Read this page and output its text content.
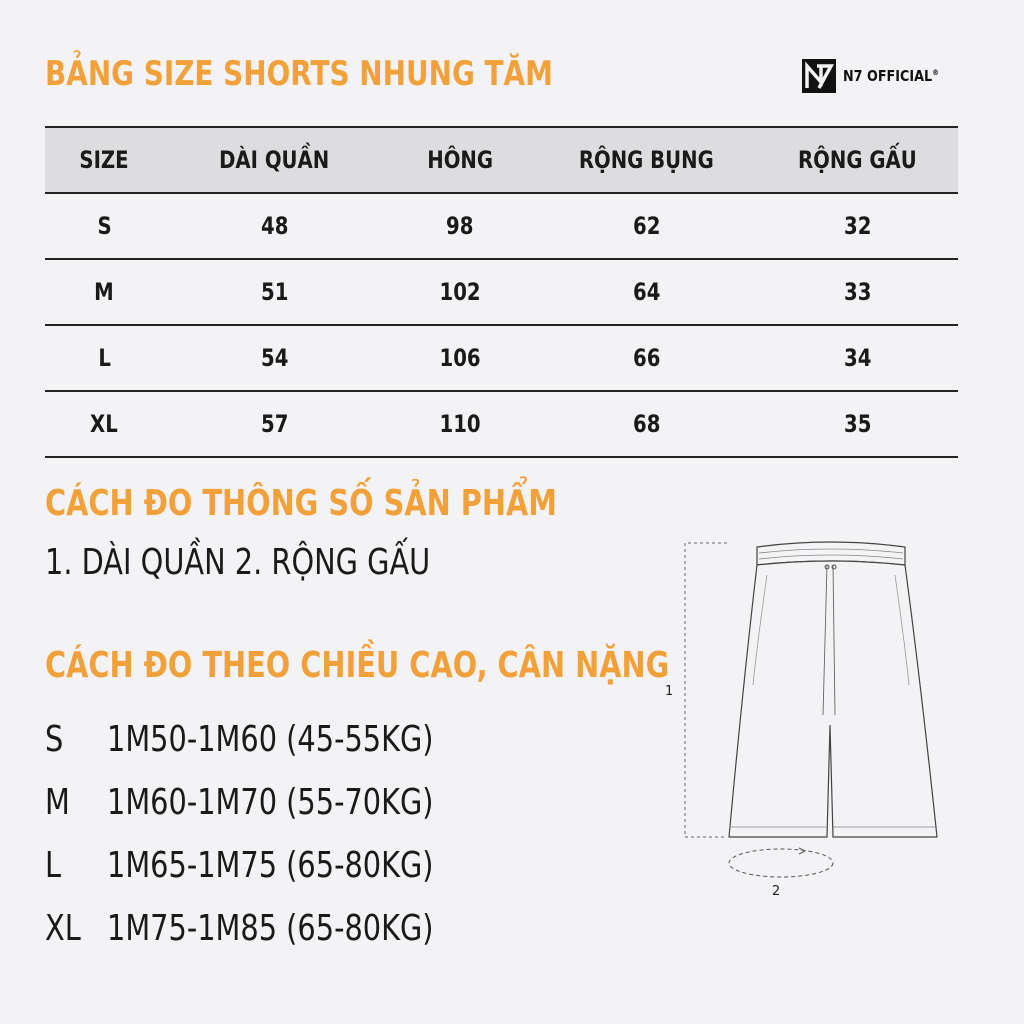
BẢNG SIZE SHORTS NHUNG TĂM	N7 OFFICIAL®
SIZE	DÀI QUẦN	HÔNG	RỘNG BỤNG	RỘNG GẤU
S	48	98	62	32
M	51	102	64	33
L	54	106	66	34
XL	57	110	68	35
CÁCH ĐO THÔNG SỐ SẢN PHẨM
1. DÀI QUẦN 2. RỘNG GẤU
CÁCH ĐO THEO CHIỀU CAO, CÂN NẶNG
S 1M50-1M60 (45-55KG)
M 1M60-1M70 (55-70KG)
L 1M65-1M75 (65-80KG)
XL 1M75-1M85 (65-80KG)
1
2
